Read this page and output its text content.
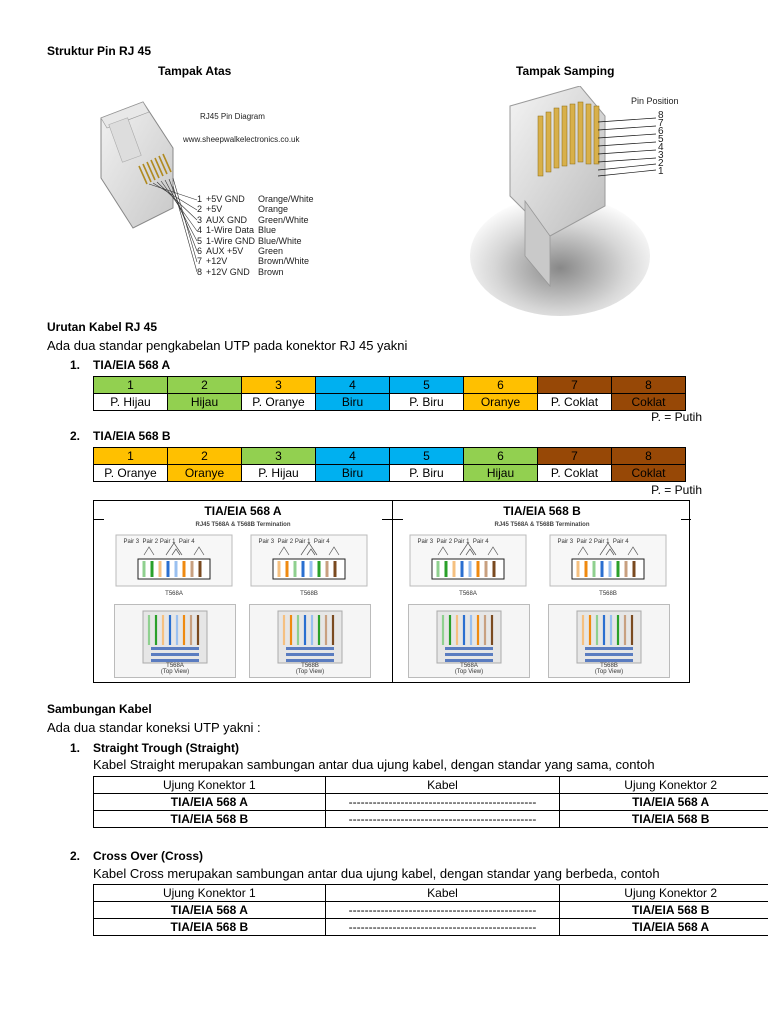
Struktur Pin RJ 45
Tampak Atas	Tampak Samping
RJ45 Pin Diagram
www.sheepwalkelectronics.co.uk
1 +5V GND Orange/White
2 +5V	Orange
3 AUX GND Green/White
4 1-Wire Data Blue
5 1-Wire GND Blue/White
6 AUX +5V Green
7 +12V	Brown/White
8 +12V GND Brown
Pin Position
8
7
6
5
4
3
2
1
Urutan Kabel RJ 45
Ada dua standar pengkabelan UTP pada konektor RJ 45 yakni
1. TIA/EIA 568 A
1	2	3	4	5	6	7	8
P. Hijau	Hijau	P. Oranye	Biru	P. Biru	Oranye	P. Coklat	Coklat
P. = Putih
2. TIA/EIA 568 B
1	2	3	4	5	6	7	8
P. Oranye	Oranye	P. Hijau	Biru	P. Biru	Hijau	P. Coklat	Coklat
P. = Putih
TIA/EIA 568 A
RJ45 T568A & T568B Termination
Pair 3 Pair 2 Pair 1 Pair 4	Pair 3 Pair 2 Pair 1 Pair 4
T568A	T568B
T568A
(Top View)
T568B
(Top View)
TIA/EIA 568 B
RJ45 T568A & T568B Termination
Pair 3 Pair 2 Pair 1 Pair 4	Pair 3 Pair 2 Pair 1 Pair 4
T568A	T568B
T568A
(Top View)
T568B
(Top View)
Sambungan Kabel
Ada dua standar koneksi UTP yakni :
1. Straight Trough (Straight)
Kabel Straight merupakan sambungan antar dua ujung kabel, dengan standar yang sama, contoh
Ujung Konektor 1	Kabel	Ujung Konektor 2
TIA/EIA 568 A	-----------------------------------------------	TIA/EIA 568 A
TIA/EIA 568 B	-----------------------------------------------	TIA/EIA 568 B
2. Cross Over (Cross)
Kabel Cross merupakan sambungan antar dua ujung kabel, dengan standar yang berbeda, contoh
Ujung Konektor 1	Kabel	Ujung Konektor 2
TIA/EIA 568 A	-----------------------------------------------	TIA/EIA 568 B
TIA/EIA 568 B	-----------------------------------------------	TIA/EIA 568 A
